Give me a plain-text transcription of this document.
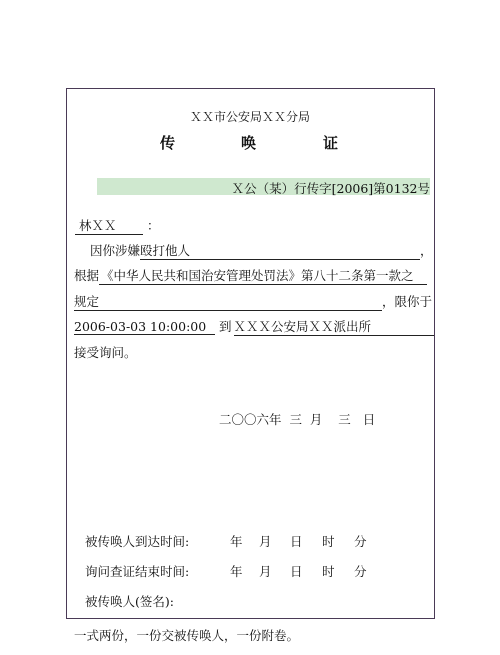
ＸＸ市公安局ＸＸ分局
传	唤	证
Ｘ公（某）行传字[2006]第0132号
林ＸＸ ：
因你涉嫌殴打他人	，
根据 《中华人民共和国治安管理处罚法》第八十二条第一款之
规定	，限你于
2006-03-03 10:00:00 到 ＸＸＸ公安局ＸＸ派出所
接受询问。
二〇〇六年  三  月    三   日
被传唤人到达时间:	年 月 日 时 分
询问查证结束时间:	年 月 日 时 分
被传唤人(签名):
一式两份，一份交被传唤人，一份附卷。
